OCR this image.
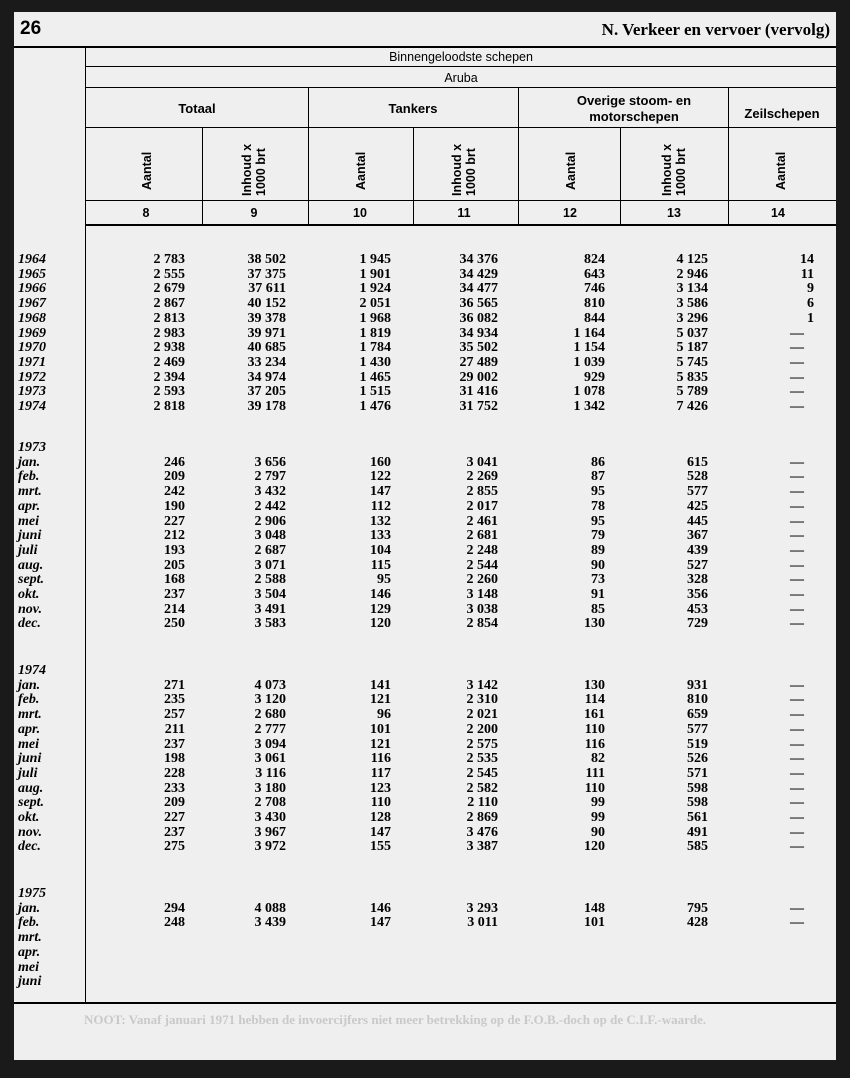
26	N. Verkeer en vervoer (vervolg)
Binnengeloodste schepen
Aruba
Totaal	Tankers
Overige stoom- en motorschepen	Zeilschepen
Aantal	Inhoud x 1000 brt	Aantal	Inhoud x 1000 brt	Aantal	Inhoud x 1000 brt	Aantal
8	9	10	11	12	13	14
1964	2 783	38 502	1 945	34 376	824	4 125	14
1965	2 555	37 375	1 901	34 429	643	2 946	11
1966	2 679	37 611	1 924	34 477	746	3 134	9
1967	2 867	40 152	2 051	36 565	810	3 586	6
1968	2 813	39 378	1 968	36 082	844	3 296	1
1969	2 983	39 971	1 819	34 934	1 164	5 037	—
1970	2 938	40 685	1 784	35 502	1 154	5 187	—
1971	2 469	33 234	1 430	27 489	1 039	5 745	—
1972	2 394	34 974	1 465	29 002	929	5 835	—
1973	2 593	37 205	1 515	31 416	1 078	5 789	—
1974	2 818	39 178	1 476	31 752	1 342	7 426	—
1973
jan.	246	3 656	160	3 041	86	615	—
feb.	209	2 797	122	2 269	87	528	—
mrt.	242	3 432	147	2 855	95	577	—
apr.	190	2 442	112	2 017	78	425	—
mei	227	2 906	132	2 461	95	445	—
juni	212	3 048	133	2 681	79	367	—
juli	193	2 687	104	2 248	89	439	—
aug.	205	3 071	115	2 544	90	527	—
sept.	168	2 588	95	2 260	73	328	—
okt.	237	3 504	146	3 148	91	356	—
nov.	214	3 491	129	3 038	85	453	—
dec.	250	3 583	120	2 854	130	729	—
1974
jan.	271	4 073	141	3 142	130	931	—
feb.	235	3 120	121	2 310	114	810	—
mrt.	257	2 680	96	2 021	161	659	—
apr.	211	2 777	101	2 200	110	577	—
mei	237	3 094	121	2 575	116	519	—
juni	198	3 061	116	2 535	82	526	—
juli	228	3 116	117	2 545	111	571	—
aug.	233	3 180	123	2 582	110	598	—
sept.	209	2 708	110	2 110	99	598	—
okt.	227	3 430	128	2 869	99	561	—
nov.	237	3 967	147	3 476	90	491	—
dec.	275	3 972	155	3 387	120	585	—
1975
jan.	294	4 088	146	3 293	148	795	—
feb.	248	3 439	147	3 011	101	428	—
mrt.
apr.
mei
juni
NOOT: Vanaf januari 1971 hebben de invoercijfers niet meer betrekking op de F.O.B.-doch op de C.I.F.-waarde.
